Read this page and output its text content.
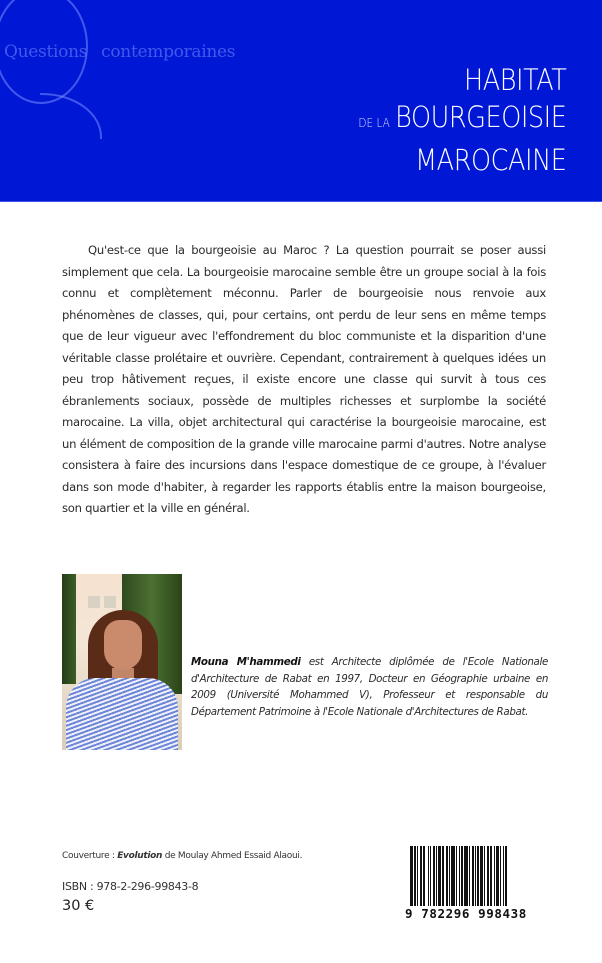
Questions contemporaines
HABITAT
DE LA BOURGEOISIE
MAROCAINE

Qu'est-ce que la bourgeoisie au Maroc ? La question pourrait se poser aussi simplement que cela. La bourgeoisie marocaine semble être un groupe social à la fois connu et complètement méconnu. Parler de bourgeoisie nous renvoie aux phénomènes de classes, qui, pour certains, ont perdu de leur sens en même temps que de leur vigueur avec l'effondrement du bloc communiste et la disparition d'une véritable classe prolétaire et ouvrière. Cependant, contrairement à quelques idées un peu trop hâtivement reçues, il existe encore une classe qui survit à tous ces ébranlements sociaux, possède de multiples richesses et surplombe la société marocaine. La villa, objet architectural qui caractérise la bourgeoisie marocaine, est un élément de composition de la grande ville marocaine parmi d'autres. Notre analyse consistera à faire des incursions dans l'espace domestique de ce groupe, à l'évaluer dans son mode d'habiter, à regarder les rapports établis entre la maison bourgeoise, son quartier et la ville en général.

Mouna M'hammedi est Architecte diplômée de l'Ecole Nationale d'Architecture de Rabat en 1997, Docteur en Géographie urbaine en 2009 (Université Mohammed V), Professeur et responsable du Département Patrimoine à l'Ecole Nationale d'Architectures de Rabat.

Couverture : Evolution de Moulay Ahmed Essaid Alaoui.
ISBN : 978-2-296-99843-8
30 €	9 782296 998438
